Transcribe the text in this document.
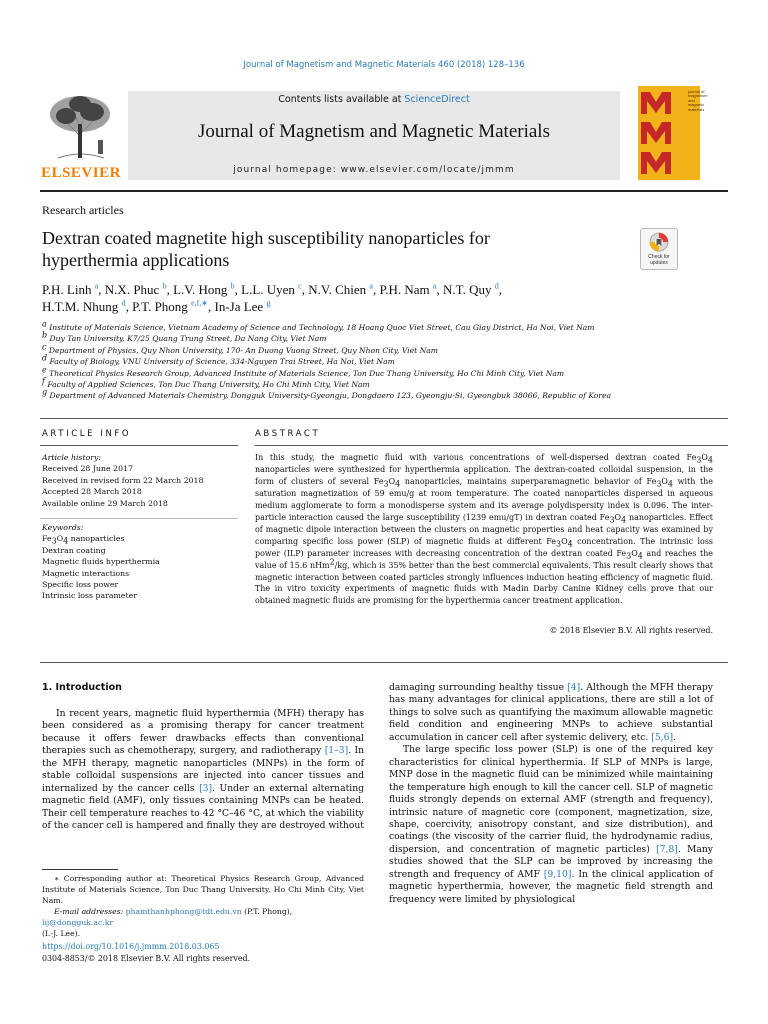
Journal of Magnetism and Magnetic Materials 460 (2018) 128–136
ELSEVIER
Contents lists available at ScienceDirect
Journal of Magnetism and Magnetic Materials
journal homepage: www.elsevier.com/locate/jmmm
journal of
magnetism
and
magnetic
materials
Research articles
Dextran coated magnetite high susceptibility nanoparticles for hyperthermia applications	Check for
updates
P.H. Linh $^a$, N.X. Phuc $^b$, L.V. Hong $^b$, L.L. Uyen $^c$, N.V. Chien $^a$, P.H. Nam $^a$, N.T. Quy $^d$,
H.T.M. Nhung $^d$, P.T. Phong $^{e,f,∗}$, In-Ja Lee $^g$
$^a$ Institute of Materials Science, Vietnam Academy of Science and Technology, 18 Hoang Quoc Viet Street, Cau Giay District, Ha Noi, Viet Nam
$^b$ Duy Tan University, K7/25 Quang Trung Street, Da Nang City, Viet Nam
$^c$ Department of Physics, Quy Nhon University, 170- An Duong Vuong Street, Quy Nhon City, Viet Nam
$^d$ Faculty of Biology, VNU University of Science, 334-Nguyen Trai Street, Ha Noi, Viet Nam
$^e$ Theoretical Physics Research Group, Advanced Institute of Materials Science, Ton Duc Thang University, Ho Chi Minh City, Viet Nam
$^f$ Faculty of Applied Sciences, Ton Duc Thang University, Ho Chi Minh City, Viet Nam
$^g$ Department of Advanced Materials Chemistry, Dongguk University-Gyeongju, Dongdaero 123, Gyeongju-Si, Gyeongbuk 38066, Republic of Korea
ARTICLE INFO	ABSTRACT
Article history:
Received 28 June 2017
Received in revised form 22 March 2018
Accepted 28 March 2018
Available online 29 March 2018
Keywords:
$Fe_3O_4$ nanoparticles
Dextran coating
Magnetic fluids hyperthermia
Magnetic interactions
Specific loss power
Intrinsic loss parameter

In this study, the magnetic fluid with various concentrations of well-dispersed dextran coated $Fe_3O_4$ nanoparticles were synthesized for hyperthermia application. The dextran-coated colloidal suspension, in the form of clusters of several $Fe_3O_4$ nanoparticles, maintains superparamagnetic behavior of $Fe_3O_4$ with the saturation magnetization of 59 emu/g at room temperature. The coated nanoparticles dispersed in aqueous medium agglomerate to form a monodisperse system and its average polydispersity index is 0.096. The inter-particle interaction caused the large susceptibility (1239 emu/gT) in dextran coated $Fe_3O_4$ nanoparticles. Effect of magnetic dipole interaction between the clusters on magnetic properties and heat capacity was examined by comparing specific loss power (SLP) of magnetic fluids at different $Fe_3O_4$ concentration. The intrinsic loss power (ILP) parameter increases with decreasing concentration of the dextran coated $Fe_3O_4$ and reaches the value of 15.6 nHm$^2$/kg, which is 35% better than the best commercial equivalents. This result clearly shows that magnetic interaction between coated particles strongly influences induction heating efficiency of magnetic fluid. The in vitro toxicity experiments of magnetic fluids with Madin Darby Canine Kidney cells prove that our obtained magnetic fluids are promising for the hyperthermia cancer treatment application.

© 2018 Elsevier B.V. All rights reserved.
1. Introduction

In recent years, magnetic fluid hyperthermia (MFH) therapy has been considered as a promising therapy for cancer treatment because it offers fewer drawbacks effects than conventional therapies such as chemotherapy, surgery, and radiotherapy [1–3]. In the MFH therapy, magnetic nanoparticles (MNPs) in the form of stable colloidal suspensions are injected into cancer tissues and internalized by the cancer cells [3]. Under an external alternating magnetic field (AMF), only tissues containing MNPs can be heated. Their cell temperature reaches to 42 °C–46 °C, at which the viability of the cancer cell is hampered and finally they are destroyed without

damaging surrounding healthy tissue [4]. Although the MFH therapy has many advantages for clinical applications, there are still a lot of things to solve such as quantifying the maximum allowable magnetic field condition and engineering MNPs to achieve substantial accumulation in cancer cell after systemic delivery, etc. [5,6].

The large specific loss power (SLP) is one of the required key characteristics for clinical hyperthermia. If SLP of MNPs is large, MNP dose in the magnetic fluid can be minimized while maintaining the temperature high enough to kill the cancer cell. SLP of magnetic fluids strongly depends on external AMF (strength and frequency), intrinsic nature of magnetic core (component, magnetization, size, shape, coercivity, anisotropy constant, and size distribution), and coatings (the viscosity of the carrier fluid, the hydrodynamic radius, dispersion, and concentration of magnetic particles) [7,8]. Many studies showed that the SLP can be improved by increasing the strength and frequency of AMF [9,10]. In the clinical application of magnetic hyperthermia, however, the magnetic field strength and frequency were limited by physiological

∗ Corresponding author at: Theoretical Physics Research Group, Advanced Institute of Materials Science, Ton Duc Thang University, Ho Chi Minh City, Viet Nam.
E-mail addresses: phamthanhphong@tdt.edu.vn (P.T. Phong), lij@dongguk.ac.kr
(I.-J. Lee).
https://doi.org/10.1016/j.jmmm.2018.03.065
0304-8853/© 2018 Elsevier B.V. All rights reserved.
